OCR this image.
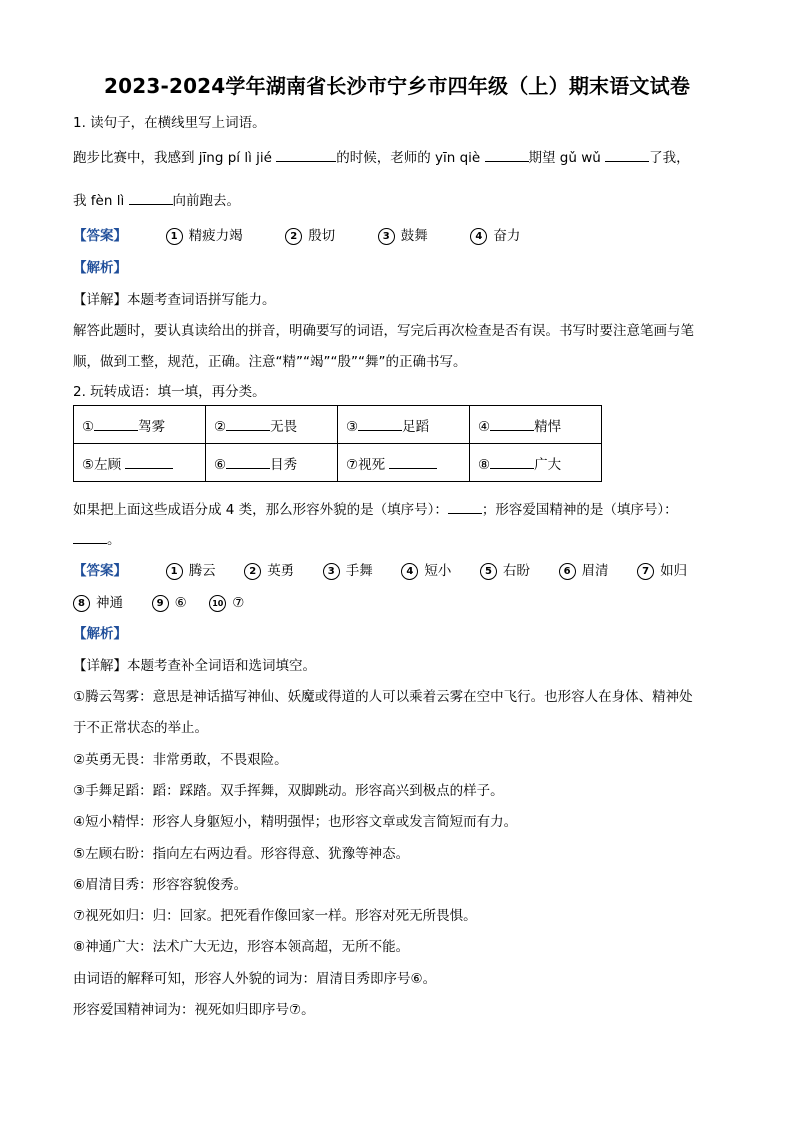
2023-2024学年湖南省长沙市宁乡市四年级（上）期末语文试卷
1. 读句子，在横线里写上词语。
跑步比赛中，我感到 jīng pí lì jié	的时候，老师的 yīn qiè	期望 gǔ wǔ	了我，
我 fèn lì	向前跑去。
【答案】	1 精疲力竭	2 殷切	3 鼓舞	4 奋力
【解析】
【详解】本题考查词语拼写能力。
解答此题时，要认真读给出的拼音，明确要写的词语，写完后再次检查是否有误。书写时要注意笔画与笔
顺，做到工整，规范，正确。注意“精”“竭”“殷”“舞”的正确书写。
2. 玩转成语：填一填，再分类。
① 驾雾	② 无畏	③ 足蹈	④ 精悍
⑤左顾	⑥ 目秀	⑦视死	⑧ 广大
如果把上面这些成语分成 4 类，那么形容外貌的是（填序号）：	；形容爱国精神的是（填序号）：
。
【答案】	1 腾云	2 英勇	3 手舞	4 短小	5 右盼	6 眉清	7 如归
8 神通	9 ⑥	10 ⑦
【解析】
【详解】本题考查补全词语和选词填空。
①腾云驾雾：意思是神话描写神仙、妖魔或得道的人可以乘着云雾在空中飞行。也形容人在身体、精神处
于不正常状态的举止。
②英勇无畏：非常勇敢，不畏艰险。
③手舞足蹈：蹈：踩踏。双手挥舞，双脚跳动。形容高兴到极点的样子。
④短小精悍：形容人身躯短小，精明强悍；也形容文章或发言简短而有力。
⑤左顾右盼：指向左右两边看。形容得意、犹豫等神态。
⑥眉清目秀：形容容貌俊秀。
⑦视死如归：归：回家。把死看作像回家一样。形容对死无所畏惧。
⑧神通广大：法术广大无边，形容本领高超，无所不能。
由词语的解释可知，形容人外貌的词为：眉清目秀即序号⑥。
形容爱国精神词为：视死如归即序号⑦。
